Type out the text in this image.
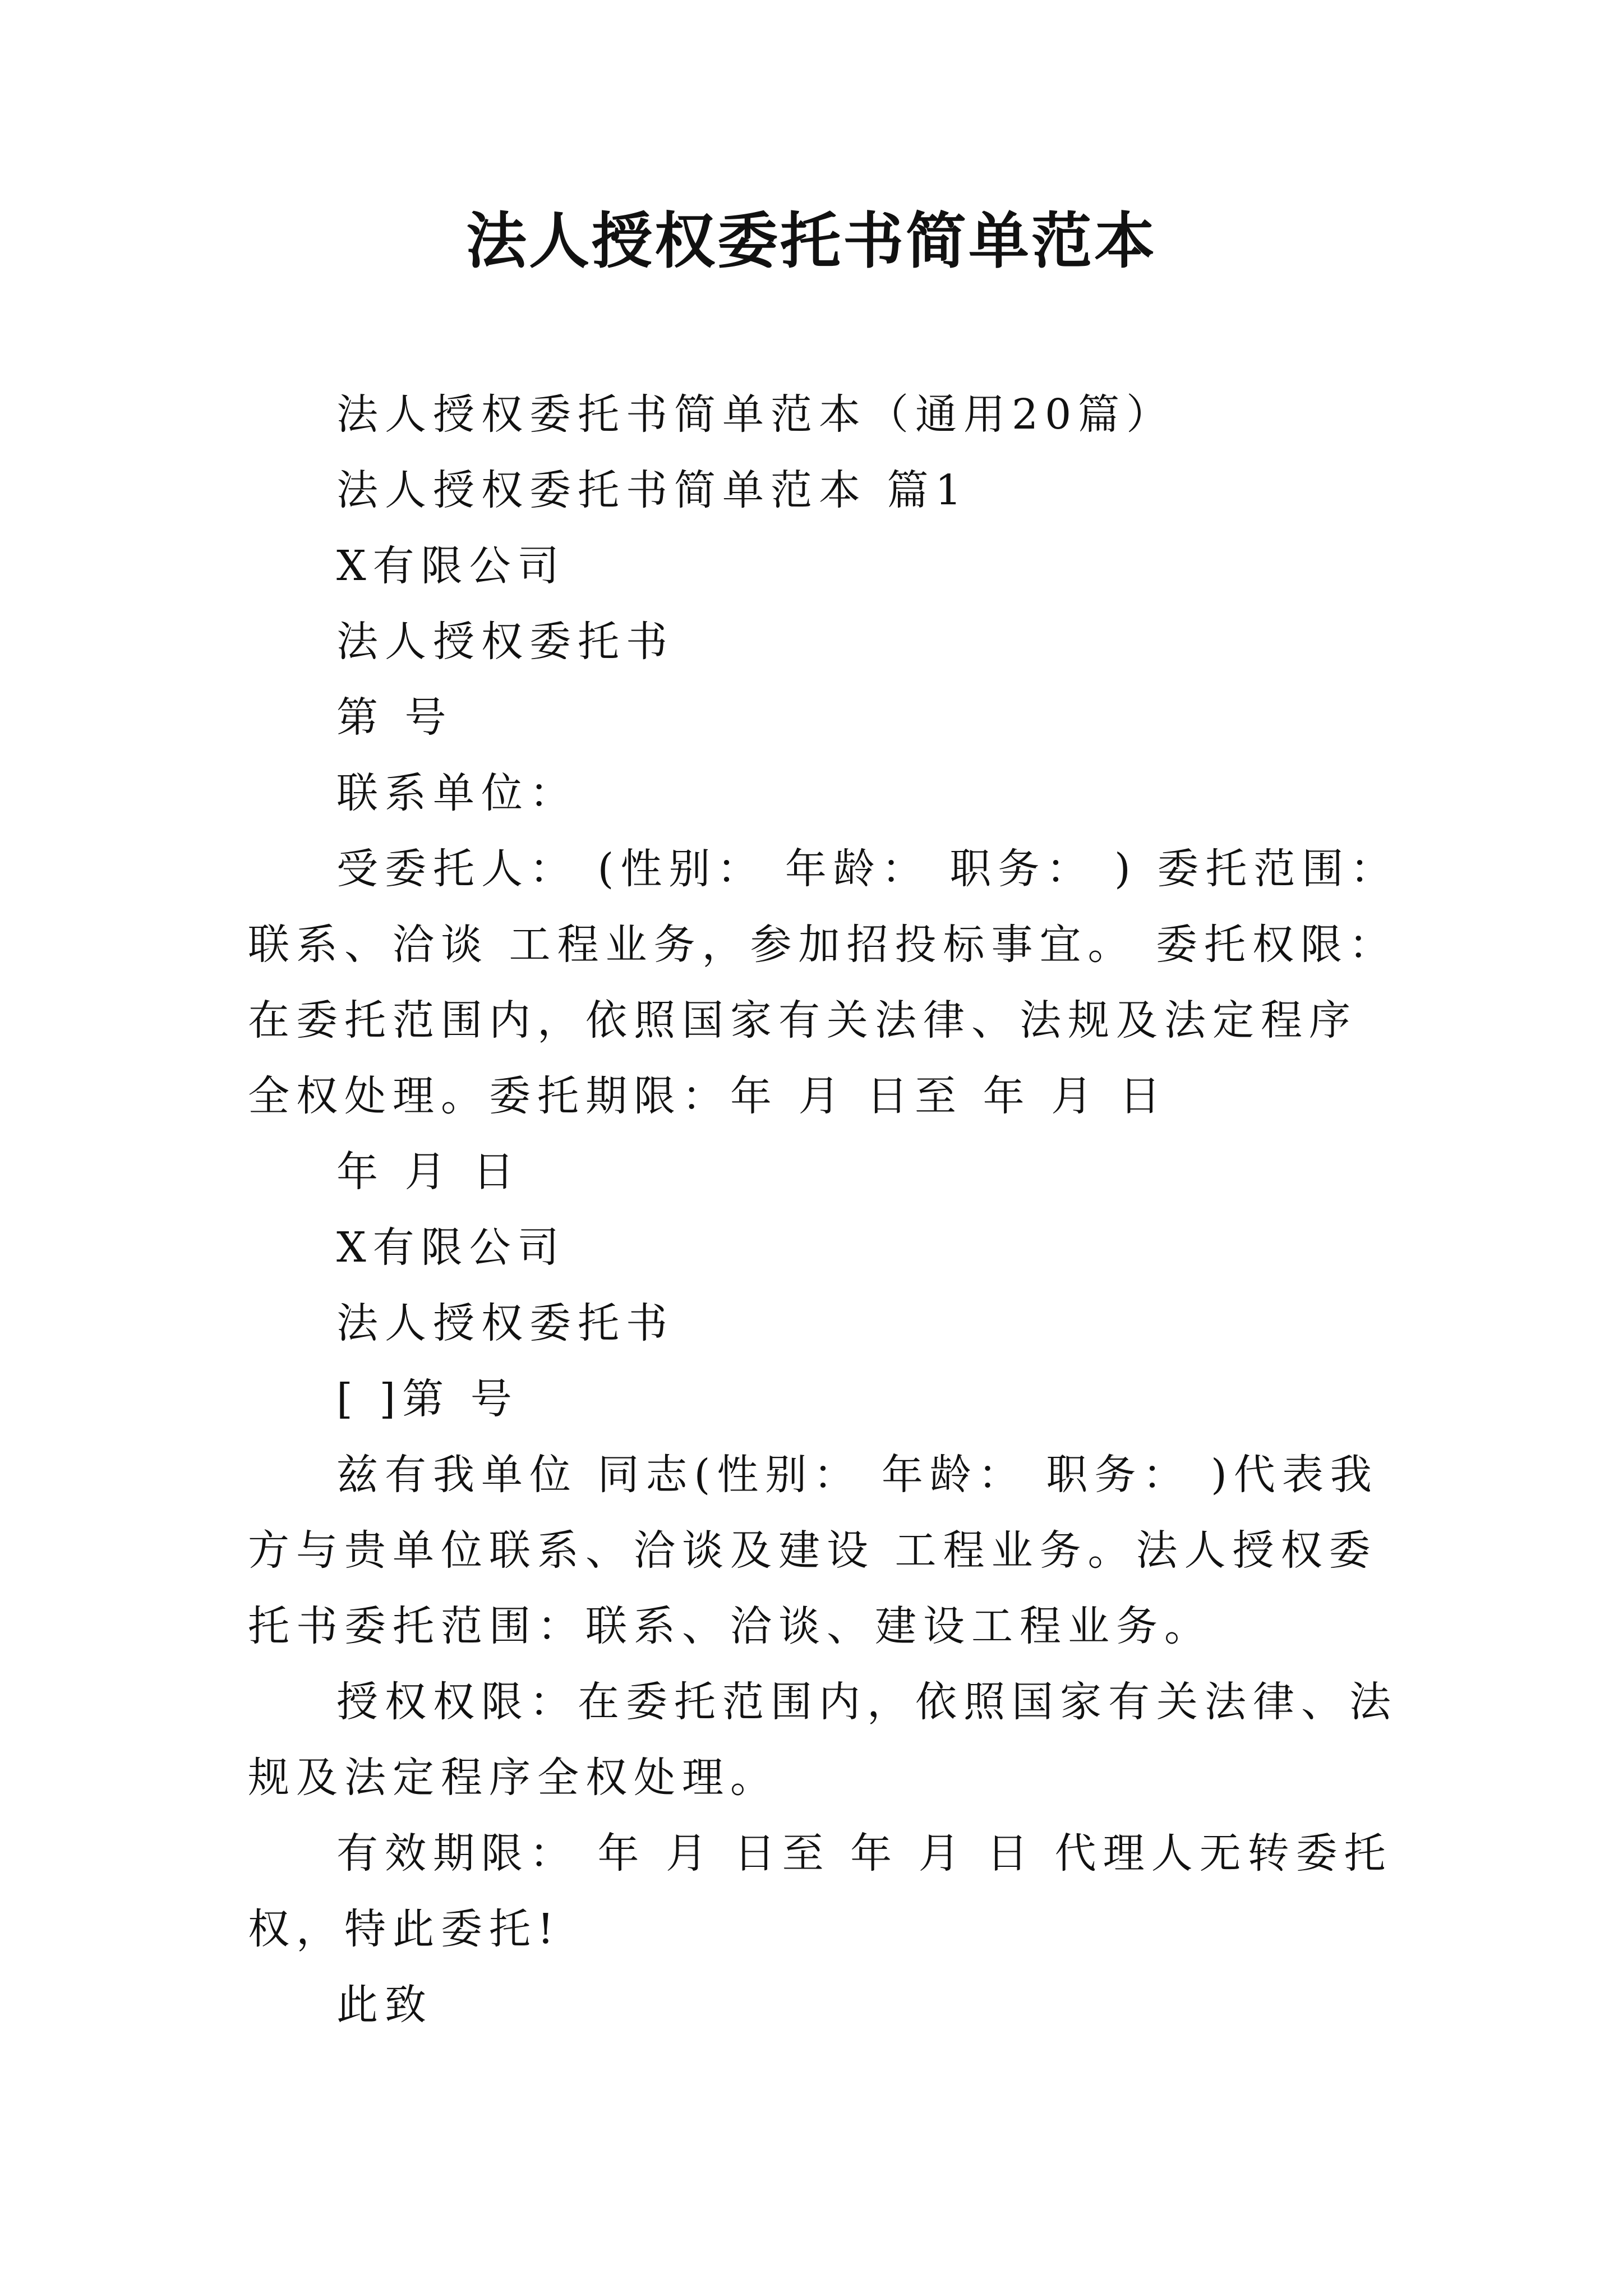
法人授权委托书简单范本

法人授权委托书简单范本（通用20篇）

法人授权委托书简单范本 篇1

X有限公司

法人授权委托书

第 号

联系单位：

受委托人： (性别： 年龄： 职务： ) 委托范围：联系、洽谈 工程业务，参加招投标事宜。 委托权限：在委托范围内，依照国家有关法律、法规及法定程序全权处理。委托期限：年 月 日至 年 月 日

年 月 日

X有限公司

法人授权委托书

[ ]第 号

兹有我单位 同志(性别： 年龄： 职务： )代表我方与贵单位联系、洽谈及建设 工程业务。法人授权委托书委托范围：联系、洽谈、建设工程业务。

授权权限：在委托范围内，依照国家有关法律、法规及法定程序全权处理。

有效期限： 年 月 日至 年 月 日 代理人无转委托权，特此委托!

此致
